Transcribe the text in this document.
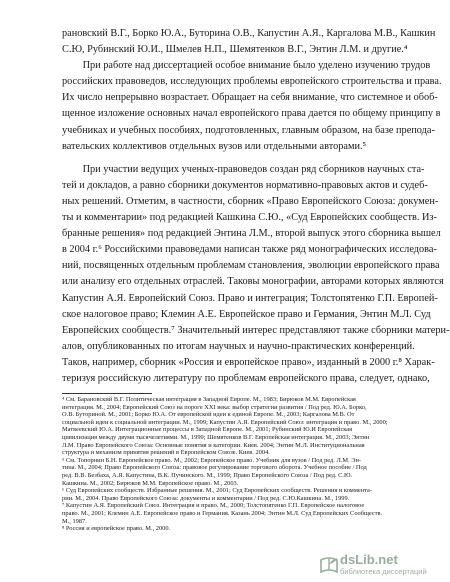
рановский В.Г., Борко Ю.А., Буторина О.В., Капустин А.Я., Каргалова М.В., Кашкин
С.Ю, Рубинский Ю.И., Шмелев Н.П., Шемятенков В.Г., Энтин Л.М. и другие.⁴
При работе над диссертацией особое внимание было уделено изучению трудов
российских правоведов, исследующих проблемы европейского строительства и права.
Их число непрерывно возрастает. Обращает на себя внимание, что системное и обоб-
щенное изложение основных начал европейского права дается по общему принципу в
учебниках и учебных пособиях, подготовленных, главным образом, на базе препода-
вательских коллективов отдельных вузов или отдельными авторами.⁵
При участии ведущих ученых-правоведов создан ряд сборников научных ста-
тей и докладов, а равно сборники документов нормативно-правовых актов и судеб-
ных решений. Отметим, в частности, сборник «Право Европейского Союза: докумен-
ты и комментарии» под редакцией Кашкина С.Ю., «Суд Европейских сообществ. Из-
бранные решения» под редакцией Энтина Л.М., второй выпуск этого сборника вышел
в 2004 г.⁶ Российскими правоведами написан также ряд монографических исследова-
ний, посвященных отдельным проблемам становления, эволюции европейского права
или анализу его отдельных отраслей. Таковы монографии, авторами которых являются
Капустин А.Я. Европейский Союз. Право и интеграция; Толстопятенко Г.П. Европей-
ское налоговое право; Клемин А.Е. Европейское право и Германия, Энтин М.Л. Суд
Европейских сообществ.⁷ Значительный интерес представляют также сборники матери-
алов, опубликованных по итогам научных и научно-практических конференций.
Таков, например, сборник «Россия и европейское право», изданный в 2000 г.⁸ Харак-
теризуя российскую литературу по проблемам европейского права, следует, однако,
⁴ См. Барановский В.Г. Политическая интеграция в Западной Европе. М., 1983; Бирюков М.М. Европейская
интеграция. М., 2004; Европейский Союз на пороге XXI века: выбор стратегии развития / Под ред. Ю.А. Борко,
О.В. Буториной. М., 2001; Борко Ю.А. От европейской идеи к единой Европе. М., 2003; Каргалова М.В. От
социальной идеи к социальной интеграции. М., 1999; Капустин А.Я. Европейский Союз: интеграция и право. М., 2000;
Матвеевский Ю.А. Интеграционные процессы в Западной Европе. М., 2001; Рубинский Ю.И Европейская
цивилизация между двумя тысячелетиями. М., 1999; Шемятенков В.Г. Европейская интеграция. М., 2003; Энтин
Л.М. Право Европейского Союза: Основные понятия и категории. Киев. 2004; Энтин М.Л. Институциональная
структура и механизм принятия решений в Европейском Союзе. Киев. 2004.
⁵ См. Топорнин Б.Н. Европейское право. М., 2002; Европейское право. Учебник для вузов / Под ред. Л.М. Эн-
тина. М., 2004; Право Европейского Союза: правовое регулирование торгового оборота. Учебное пособие / Под
ред. В.В. Безбаха, А.Я. Капустина, В.К. Пучинского. М., 1999; Право Европейского Союза / Под ред. С.Ю.
Кашкина. М., 2002; Бирюков М.М. Европейское право. М., 2003.
⁶ Суд Европейских сообществ. Избранные решения. М., 2001; Суд Европейских сообществ. Решения и коммента-
рии. М., 2004. Право Европейского Союза: документы и комментарии / Под ред. С.Ю.Кашкина. М., 1999.
⁷ Капустин А.Я. Европейский Союз. Интеграция и право. М., 2000; Толстопятенко Г.П. Европейское налоговое
право. М., 2001; Клемин А.Е. Европейское право и Германия. Казань 2004; Энтин М.Л. Суд Европейских Сообществ.
М., 1987.
⁸ Россия и европейское право. М., 2000.
dsLib.net
библиотека диссертаций
